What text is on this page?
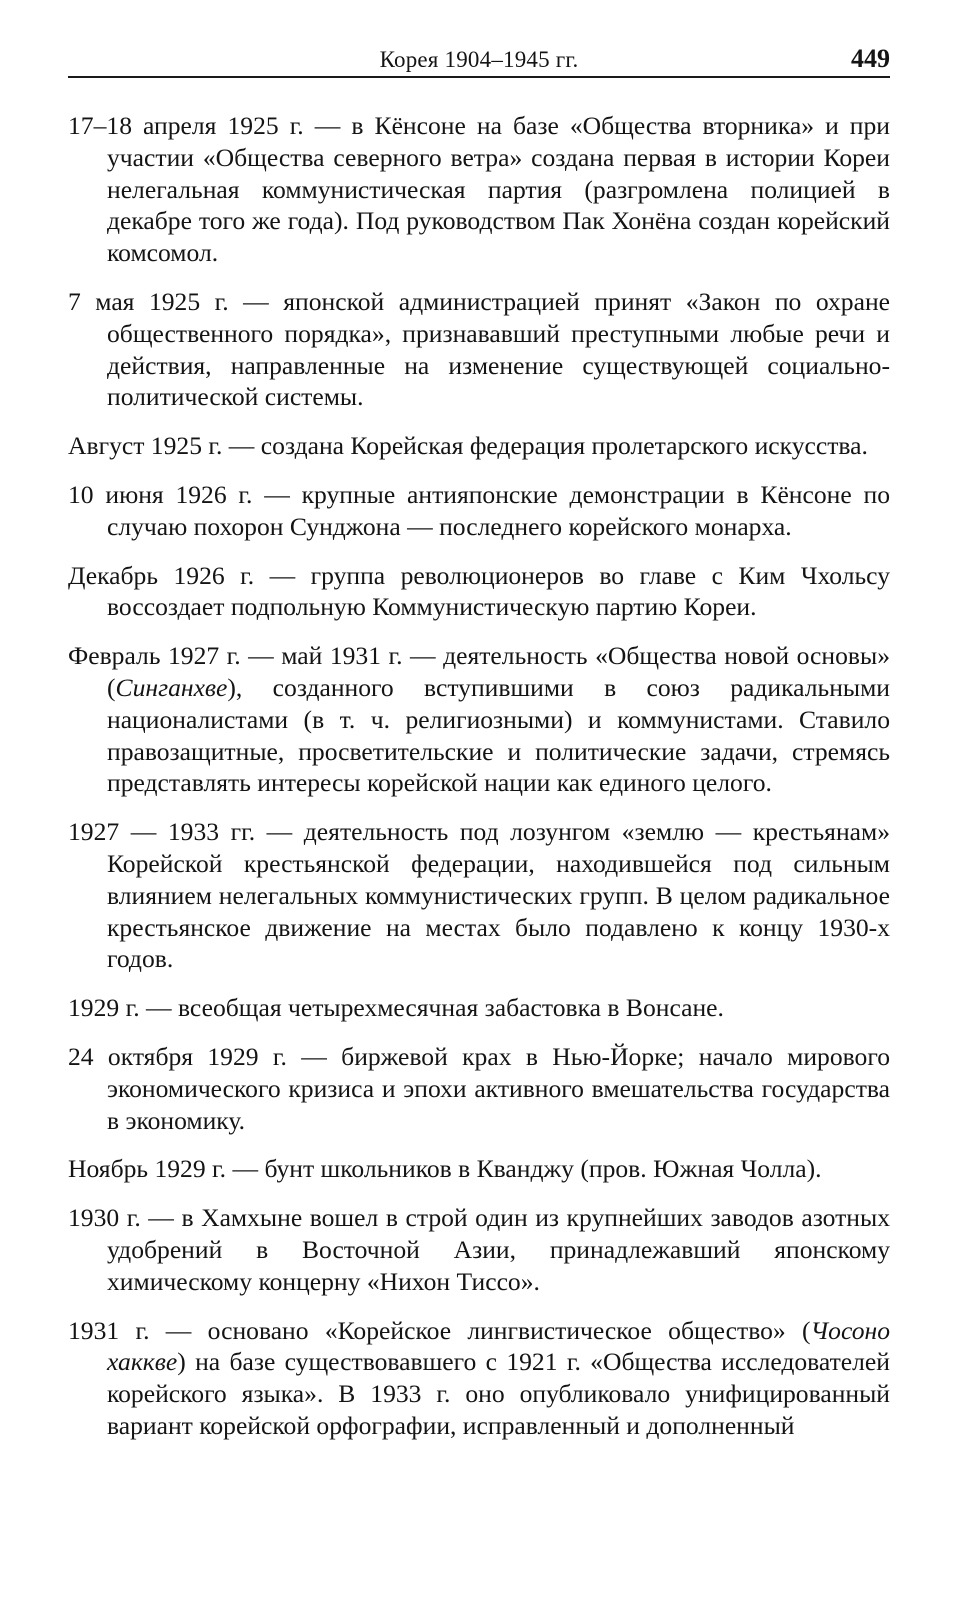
Корея 1904–1945 гг.	449

17–18 апреля 1925 г. — в Кёнсоне на базе «Общества вторника» и при участии «Общества северного ветра» создана первая в истории Кореи нелегальная коммунистическая партия (разгромлена полицией в декабре того же года). Под руководством Пак Хонёна создан корейский комсомол.

7 мая 1925 г. — японской администрацией принят «Закон по охране общественного порядка», признававший преступными любые речи и действия, направленные на изменение существующей социально-политической системы.

Август 1925 г. — создана Корейская федерация пролетарского искусства.

10 июня 1926 г. — крупные антияпонские демонстрации в Кёнсоне по случаю похорон Сунджона — последнего корейского монарха.

Декабрь 1926 г. — группа революционеров во главе с Ким Чхольсу воссоздает подпольную Коммунистическую партию Кореи.

Февраль 1927 г. — май 1931 г. — деятельность «Общества новой основы» (Синганхве), созданного вступившими в союз радикальными националистами (в т. ч. религиозными) и коммунистами. Ставило правозащитные, просветительские и политические задачи, стремясь представлять интересы корейской нации как единого целого.

1927 — 1933 гг. — деятельность под лозунгом «землю — крестьянам» Корейской крестьянской федерации, находившейся под сильным влиянием нелегальных коммунистических групп. В целом радикальное крестьянское движение на местах было подавлено к концу 1930-х годов.

1929 г. — всеобщая четырехмесячная забастовка в Вонсане.

24 октября 1929 г. — биржевой крах в Нью-Йорке; начало мирового экономического кризиса и эпохи активного вмешательства государства в экономику.

Ноябрь 1929 г. — бунт школьников в Кванджу (пров. Южная Чолла).

1930 г. — в Хамхыне вошел в строй один из крупнейших заводов азотных удобрений в Восточной Азии, принадлежавший японскому химическому концерну «Нихон Тиссо».

1931 г. — основано «Корейское лингвистическое общество» (Чосоно хаккве) на базе существовавшего с 1921 г. «Общества исследователей корейского языка». В 1933 г. оно опубликовало унифицированный вариант корейской орфографии, исправленный и дополненный
